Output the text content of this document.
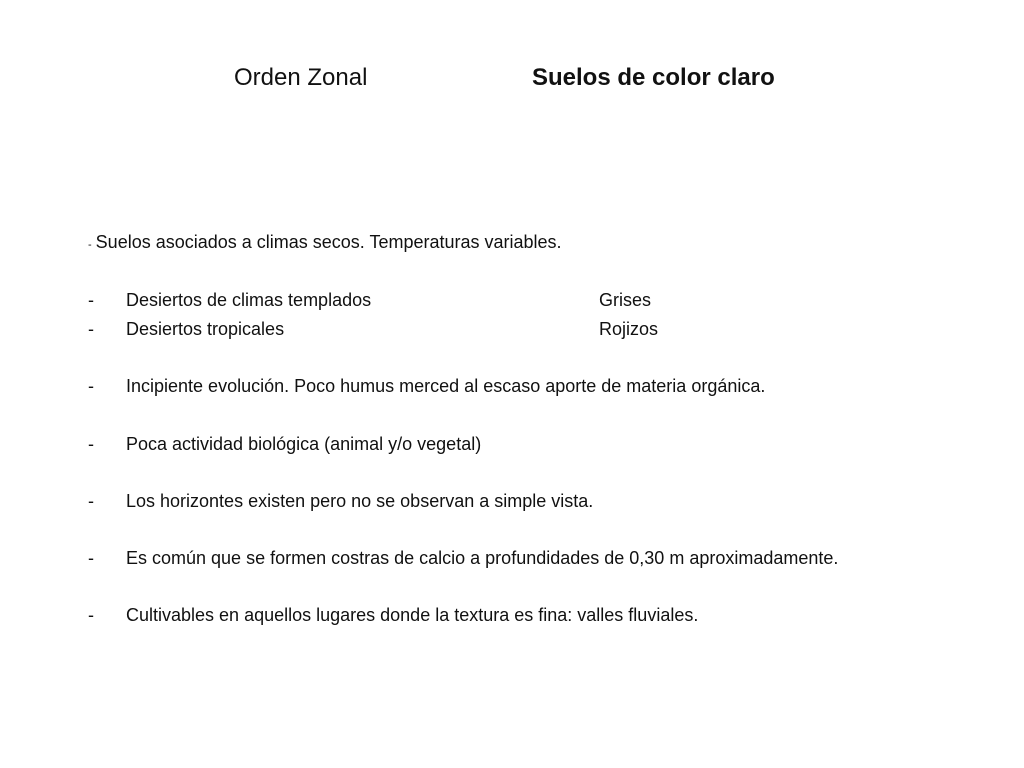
Orden Zonal	Suelos de color claro
- Suelos asociados a climas secos. Temperaturas variables.
- Desiertos de climas templados	Grises
- Desiertos tropicales	Rojizos
- Incipiente evolución. Poco humus merced al escaso aporte de materia orgánica.
- Poca actividad biológica (animal y/o vegetal)
- Los horizontes existen pero no se observan a simple vista.
- Es común que se formen costras de calcio a profundidades de 0,30 m aproximadamente.
- Cultivables en aquellos lugares donde la textura es fina: valles fluviales.
